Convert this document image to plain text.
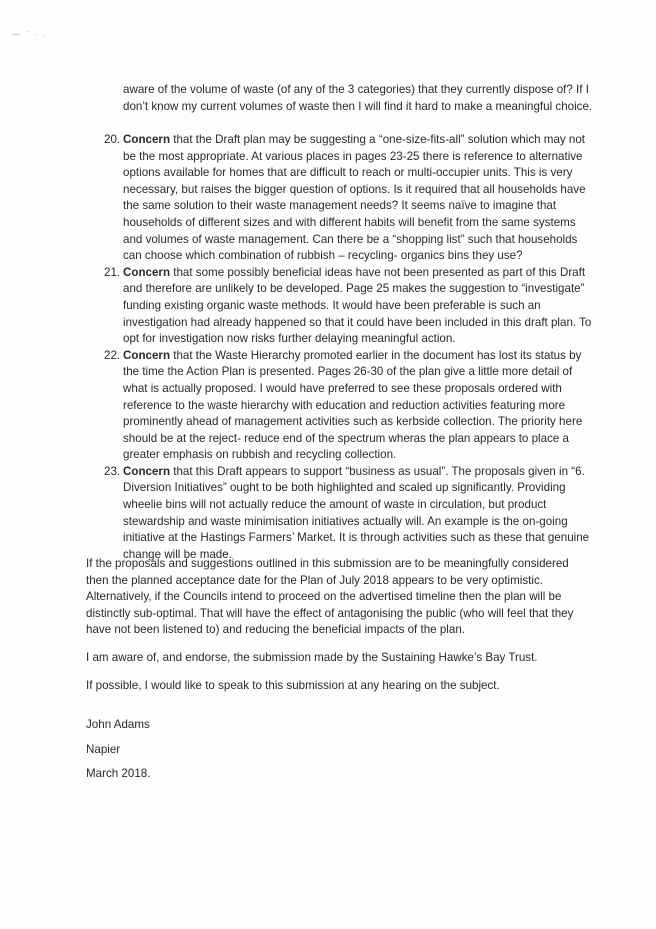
— ’ · ․
aware of the volume of waste (of any of the 3 categories) that they currently dispose of? If I don’t know my current volumes of waste then I will find it hard to make a meaningful choice.
20. Concern that the Draft plan may be suggesting a “one-size-fits-all” solution which may not be the most appropriate. At various places in pages 23-25 there is reference to alternative options available for homes that are difficult to reach or multi-occupier units. This is very necessary, but raises the bigger question of options. Is it required that all households have the same solution to their waste management needs? It seems naïve to imagine that households of different sizes and with different habits will benefit from the same systems and volumes of waste management. Can there be a “shopping list” such that households can choose which combination of rubbish – recycling- organics bins they use?
21. Concern that some possibly beneficial ideas have not been presented as part of this Draft and therefore are unlikely to be developed. Page 25 makes the suggestion to “investigate” funding existing organic waste methods. It would have been preferable is such an investigation had already happened so that it could have been included in this draft plan. To opt for investigation now risks further delaying meaningful action.
22. Concern that the Waste Hierarchy promoted earlier in the document has lost its status by the time the Action Plan is presented. Pages 26-30 of the plan give a little more detail of what is actually proposed. I would have preferred to see these proposals ordered with reference to the waste hierarchy with education and reduction activities featuring more prominently ahead of management activities such as kerbside collection. The priority here should be at the reject- reduce end of the spectrum wheras the plan appears to place a greater emphasis on rubbish and recycling collection.
23. Concern that this Draft appears to support “business as usual”. The proposals given in “6. Diversion Initiatives” ought to be both highlighted and scaled up significantly. Providing wheelie bins will not actually reduce the amount of waste in circulation, but product stewardship and waste minimisation initiatives actually will. An example is the on-going initiative at the Hastings Farmers’ Market. It is through activities such as these that genuine change will be made.

If the proposals and suggestions outlined in this submission are to be meaningfully considered then the planned acceptance date for the Plan of July 2018 appears to be very optimistic. Alternatively, if the Councils intend to proceed on the advertised timeline then the plan will be distinctly sub-optimal. That will have the effect of antagonising the public (who will feel that they have not been listened to) and reducing the beneficial impacts of the plan.

I am aware of, and endorse, the submission made by the Sustaining Hawke’s Bay Trust.

If possible, I would like to speak to this submission at any hearing on the subject.

John Adams

Napier

March 2018.
